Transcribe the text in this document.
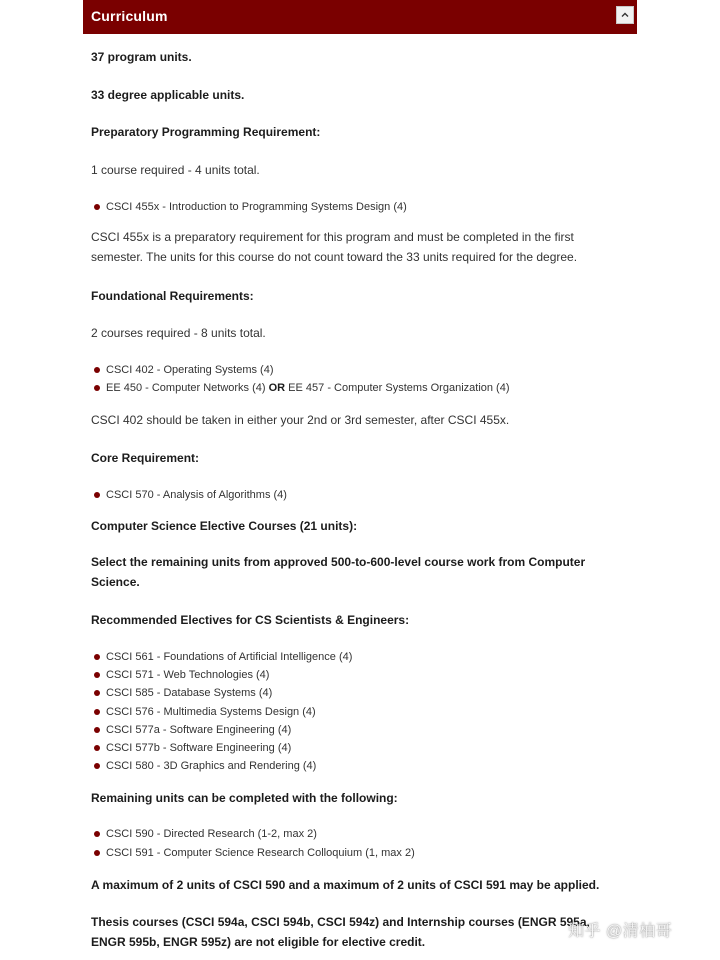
Curriculum
37 program units.
33 degree applicable units.
Preparatory Programming Requirement:
1 course required - 4 units total.
CSCI 455x - Introduction to Programming Systems Design (4)
CSCI 455x is a preparatory requirement for this program and must be completed in the first semester. The units for this course do not count toward the 33 units required for the degree.
Foundational Requirements:
2 courses required - 8 units total.
CSCI 402 - Operating Systems (4)
EE 450 - Computer Networks (4) OR EE 457 - Computer Systems Organization (4)
CSCI 402 should be taken in either your 2nd or 3rd semester, after CSCI 455x.
Core Requirement:
CSCI 570 - Analysis of Algorithms (4)
Computer Science Elective Courses (21 units):
Select the remaining units from approved 500-to-600-level course work from Computer Science.
Recommended Electives for CS Scientists & Engineers:
CSCI 561 - Foundations of Artificial Intelligence (4)
CSCI 571 - Web Technologies (4)
CSCI 585 - Database Systems (4)
CSCI 576 - Multimedia Systems Design (4)
CSCI 577a - Software Engineering (4)
CSCI 577b - Software Engineering (4)
CSCI 580 - 3D Graphics and Rendering (4)
Remaining units can be completed with the following:
CSCI 590 - Directed Research (1-2, max 2)
CSCI 591 - Computer Science Research Colloquium (1, max 2)
A maximum of 2 units of CSCI 590 and a maximum of 2 units of CSCI 591 may be applied.
Thesis courses (CSCI 594a, CSCI 594b, CSCI 594z) and Internship courses (ENGR 595a, ENGR 595b, ENGR 595z) are not eligible for elective credit.
知乎 @清柚哥
